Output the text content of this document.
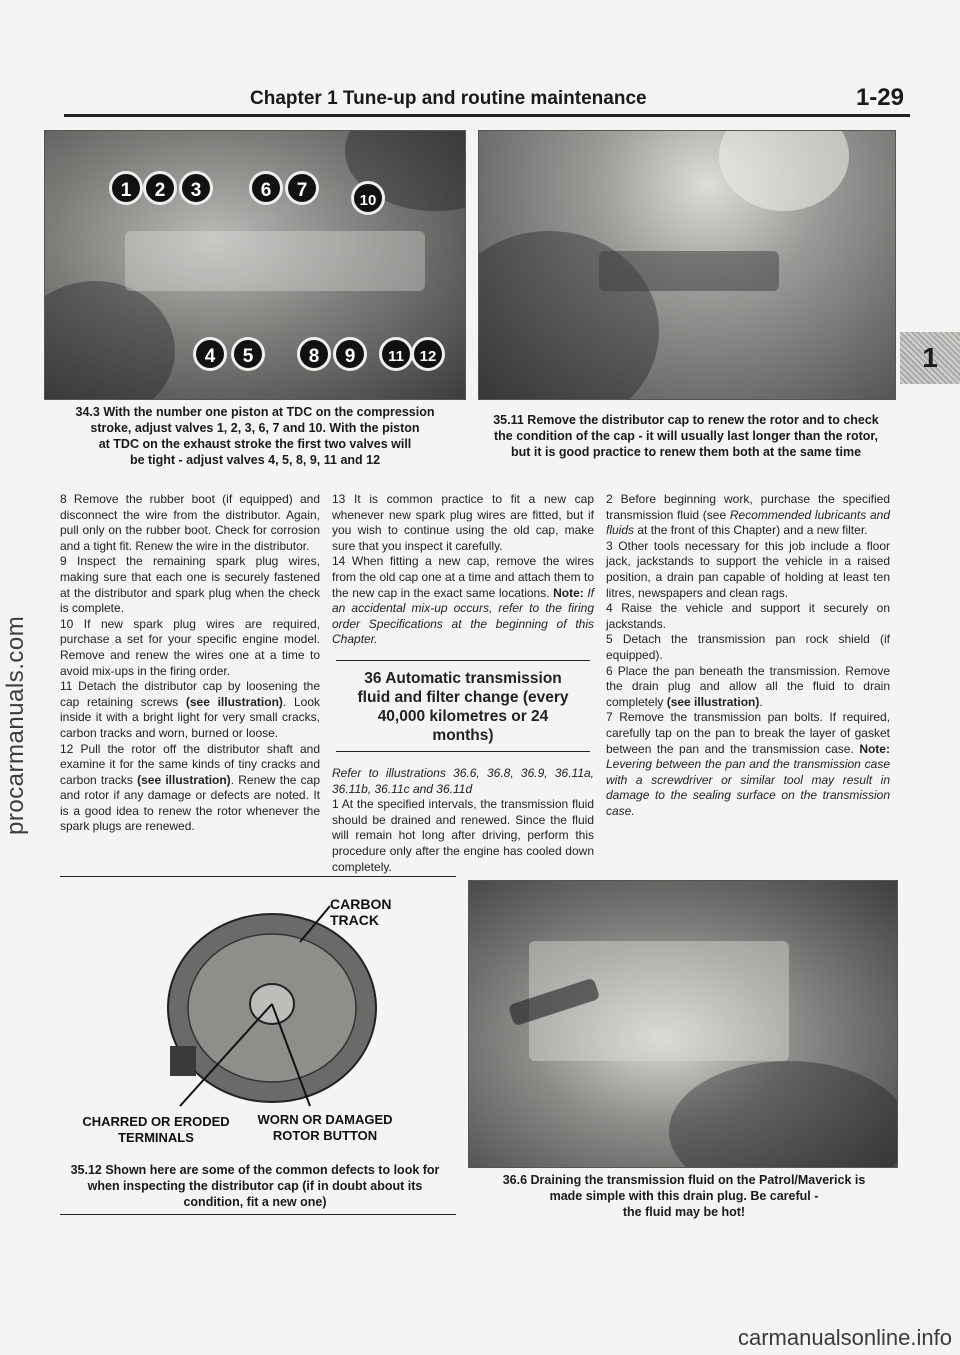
Chapter 1 Tune-up and routine maintenance	1-29
1
1	2	3	6	7	10
4	5	8	9	11	12
34.3 With the number one piston at TDC on the compression
stroke, adjust valves 1, 2, 3, 6, 7 and 10. With the piston
at TDC on the exhaust stroke the first two valves will
be tight - adjust valves 4, 5, 8, 9, 11 and 12
35.11 Remove the distributor cap to renew the rotor and to check
the condition of the cap - it will usually last longer than the rotor,
but it is good practice to renew them both at the same time

8 Remove the rubber boot (if equipped) and disconnect the wire from the distributor. Again, pull only on the rubber boot. Check for corrosion and a tight fit. Renew the wire in the distributor.

9 Inspect the remaining spark plug wires, making sure that each one is securely fastened at the distributor and spark plug when the check is complete.

10 If new spark plug wires are required, purchase a set for your specific engine model. Remove and renew the wires one at a time to avoid mix-ups in the firing order.

11 Detach the distributor cap by loosening the cap retaining screws (see illustration). Look inside it with a bright light for very small cracks, carbon tracks and worn, burned or loose.

12 Pull the rotor off the distributor shaft and examine it for the same kinds of tiny cracks and carbon tracks (see illustration). Renew the cap and rotor if any damage or defects are noted. It is a good idea to renew the rotor whenever the spark plugs are renewed.

13 It is common practice to fit a new cap whenever new spark plug wires are fitted, but if you wish to continue using the old cap, make sure that you inspect it carefully.

14 When fitting a new cap, remove the wires from the old cap one at a time and attach them to the new cap in the exact same locations. Note: If an accidental mix-up occurs, refer to the firing order Specifications at the beginning of this Chapter.

36 Automatic transmission fluid and filter change (every 40,000 kilometres or 24 months)

Refer to illustrations 36.6, 36.8, 36.9, 36.11a, 36.11b, 36.11c and 36.11d

1 At the specified intervals, the transmission fluid should be drained and renewed. Since the fluid will remain hot long after driving, perform this procedure only after the engine has cooled down completely.

2 Before beginning work, purchase the specified transmission fluid (see Recommended lubricants and fluids at the front of this Chapter) and a new filter.

3 Other tools necessary for this job include a floor jack, jackstands to support the vehicle in a raised position, a drain pan capable of holding at least ten litres, newspapers and clean rags.

4 Raise the vehicle and support it securely on jackstands.

5 Detach the transmission pan rock shield (if equipped).

6 Place the pan beneath the transmission. Remove the drain plug and allow all the fluid to drain completely (see illustration).

7 Remove the transmission pan bolts. If required, carefully tap on the pan to break the layer of gasket between the pan and the transmission case. Note: Levering between the pan and the transmission case with a screwdriver or similar tool may result in damage to the sealing surface on the transmission case.

CARBON TRACK
CHARRED OR ERODED TERMINALS
WORN OR DAMAGED ROTOR BUTTON
35.12 Shown here are some of the common defects to look for
when inspecting the distributor cap (if in doubt about its
condition, fit a new one)
36.6 Draining the transmission fluid on the Patrol/Maverick is
made simple with this drain plug. Be careful -
the fluid may be hot!
procarmanuals.com
carmanualsonline.info
